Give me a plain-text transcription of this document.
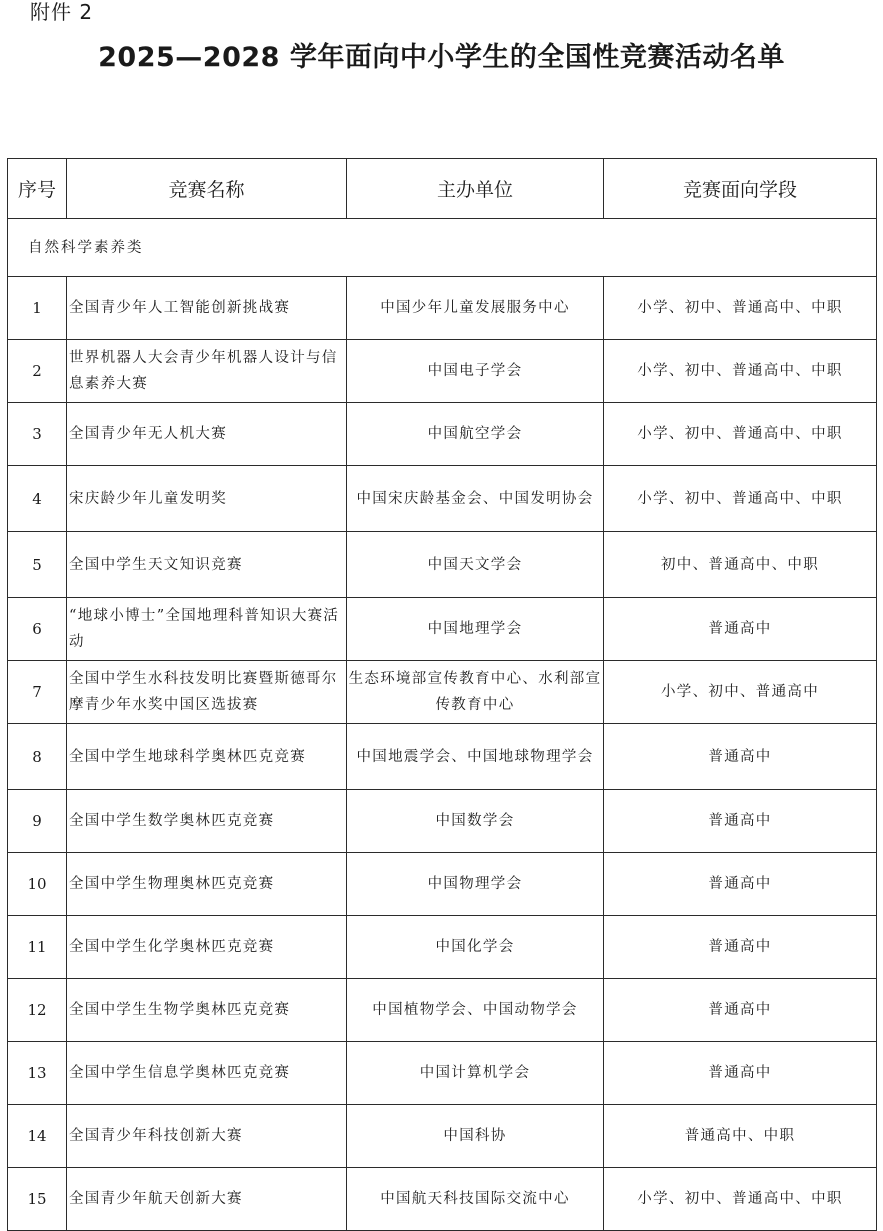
附件 2
2025—2028 学年面向中小学生的全国性竞赛活动名单
序号	竞赛名称	主办单位	竞赛面向学段
自然科学素养类			
1	全国青少年人工智能创新挑战赛	中国少年儿童发展服务中心	小学、初中、普通高中、中职
2	世界机器人大会青少年机器人设计与信息素养大赛	中国电子学会	小学、初中、普通高中、中职
3	全国青少年无人机大赛	中国航空学会	小学、初中、普通高中、中职
4	宋庆龄少年儿童发明奖	中国宋庆龄基金会、中国发明协会	小学、初中、普通高中、中职
5	全国中学生天文知识竞赛	中国天文学会	初中、普通高中、中职
6	“地球小博士”全国地理科普知识大赛活动	中国地理学会	普通高中
7	全国中学生水科技发明比赛暨斯德哥尔摩青少年水奖中国区选拔赛	生态环境部宣传教育中心、水利部宣传教育中心	小学、初中、普通高中
8	全国中学生地球科学奥林匹克竞赛	中国地震学会、中国地球物理学会	普通高中
9	全国中学生数学奥林匹克竞赛	中国数学会	普通高中
10	全国中学生物理奥林匹克竞赛	中国物理学会	普通高中
11	全国中学生化学奥林匹克竞赛	中国化学会	普通高中
12	全国中学生生物学奥林匹克竞赛	中国植物学会、中国动物学会	普通高中
13	全国中学生信息学奥林匹克竞赛	中国计算机学会	普通高中
14	全国青少年科技创新大赛	中国科协	普通高中、中职
15	全国青少年航天创新大赛	中国航天科技国际交流中心	小学、初中、普通高中、中职
